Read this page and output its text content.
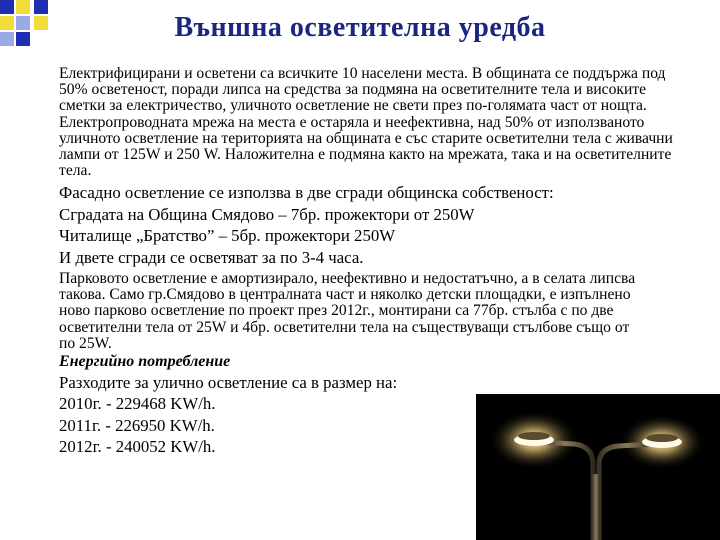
Външна осветителна уредба

Електрифицирани и осветени са всичките 10 населени места. В общината се поддържа под 50% осветеност, поради липса на средства за подмяна на осветителните тела и високите сметки за електричество, уличното осветление не свети през по-голямата част от нощта. Електропроводната мрежа на места е остаряла и неефективна, над 50% от използваното уличното осветление на територията на общината е със старите осветителни тела с живачни лампи от 125W и 250 W. Наложителна е подмяна както на мрежата, така и на осветителните тела.

Фасадно осветление се използва в две сгради общинска собственост:

Сградата на Община Смядово – 7бр. прожектори от 250W

Читалище „Братство” – 5бр. прожектори 250W

И двете сгради се осветяват за по 3-4 часа.

Парковото осветление е амортизирало, неефективно и недостатъчно, а в селата липсва такова. Само гр.Смядово в централната част и няколко детски площадки, е изпълнено ново парково осветление по проект през 2012г., монтирани са 77бр. стълба с по две осветителни тела от 25W и 4бр. осветителни тела на съществуващи стълбове също от по 25W.

Енергийно потребление

Разходите за улично осветление са в размер на:

2010г. - 229468 KW/h.

2011г. - 226950 KW/h.

2012г. - 240052 KW/h.
